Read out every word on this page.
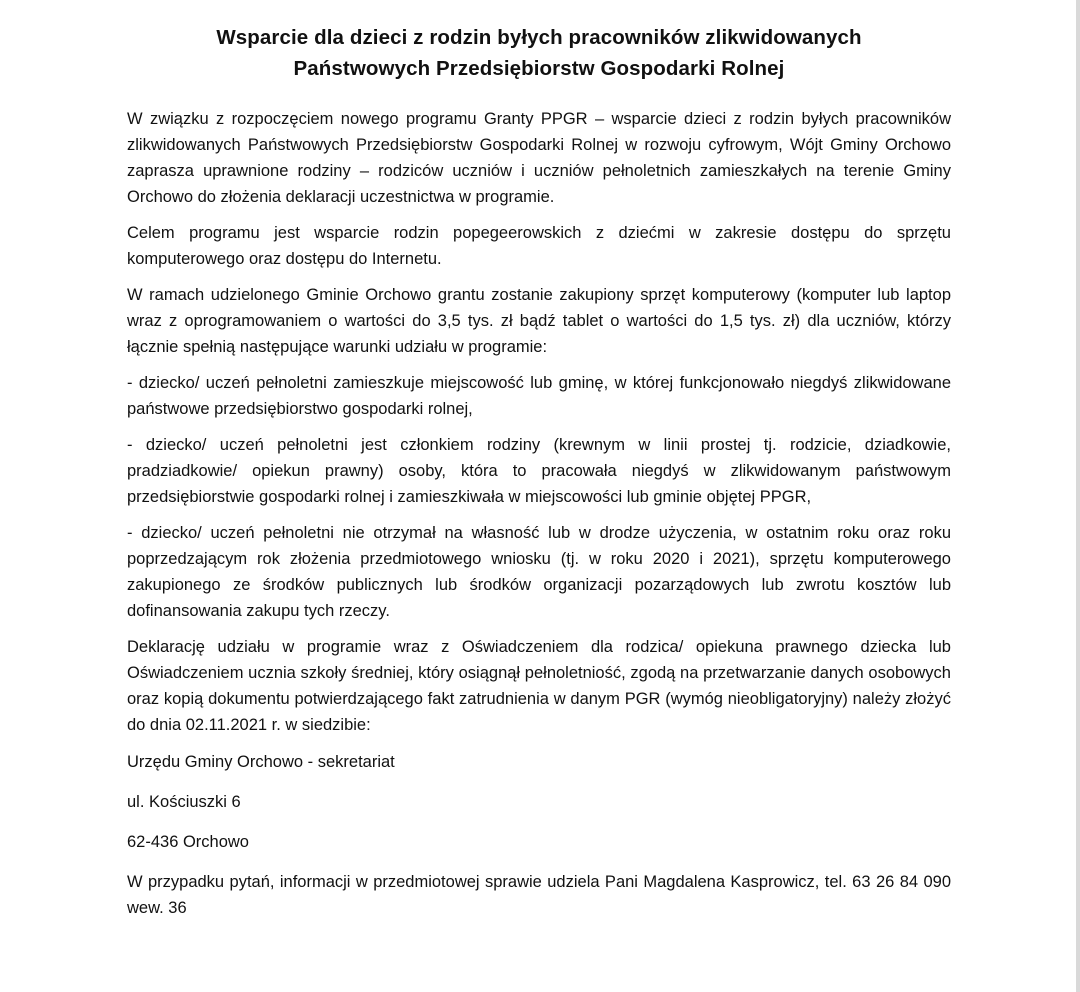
Wsparcie dla dzieci z rodzin byłych pracowników zlikwidowanych
Państwowych Przedsiębiorstw Gospodarki Rolnej

W związku z rozpoczęciem nowego programu Granty PPGR – wsparcie dzieci z rodzin byłych pracowników zlikwidowanych Państwowych Przedsiębiorstw Gospodarki Rolnej w rozwoju cyfrowym, Wójt Gminy Orchowo zaprasza uprawnione rodziny – rodziców uczniów i uczniów pełnoletnich zamieszkałych na terenie Gminy Orchowo do złożenia deklaracji uczestnictwa w programie.

Celem programu jest wsparcie rodzin popegeerowskich z dziećmi w zakresie dostępu do sprzętu komputerowego oraz dostępu do Internetu.

W ramach udzielonego Gminie Orchowo grantu zostanie zakupiony sprzęt komputerowy (komputer lub laptop wraz z oprogramowaniem o wartości do 3,5 tys. zł bądź tablet o wartości do 1,5 tys. zł) dla uczniów, którzy łącznie spełnią następujące warunki udziału w programie:

- dziecko/ uczeń pełnoletni zamieszkuje miejscowość lub gminę, w której funkcjonowało niegdyś zlikwidowane państwowe przedsiębiorstwo gospodarki rolnej,

- dziecko/ uczeń pełnoletni jest członkiem rodziny (krewnym w linii prostej tj. rodzicie, dziadkowie, pradziadkowie/ opiekun prawny) osoby, która to pracowała niegdyś w zlikwidowanym państwowym przedsiębiorstwie gospodarki rolnej i zamieszkiwała w miejscowości lub gminie objętej PPGR,

- dziecko/ uczeń pełnoletni nie otrzymał na własność lub w drodze użyczenia, w ostatnim roku oraz roku poprzedzającym rok złożenia przedmiotowego wniosku (tj. w roku 2020 i 2021), sprzętu komputerowego zakupionego ze środków publicznych lub środków organizacji pozarządowych lub zwrotu kosztów lub dofinansowania zakupu tych rzeczy.

Deklarację udziału w programie wraz z Oświadczeniem dla rodzica/ opiekuna prawnego dziecka lub Oświadczeniem ucznia szkoły średniej, który osiągnął pełnoletniość, zgodą na przetwarzanie danych osobowych oraz kopią dokumentu potwierdzającego fakt zatrudnienia w danym PGR (wymóg nieobligatoryjny) należy złożyć do dnia 02.11.2021 r. w siedzibie:

Urzędu Gminy Orchowo - sekretariat

ul. Kościuszki 6

62-436 Orchowo

W przypadku pytań, informacji w przedmiotowej sprawie udziela Pani Magdalena Kasprowicz, tel. 63 26 84 090 wew. 36
